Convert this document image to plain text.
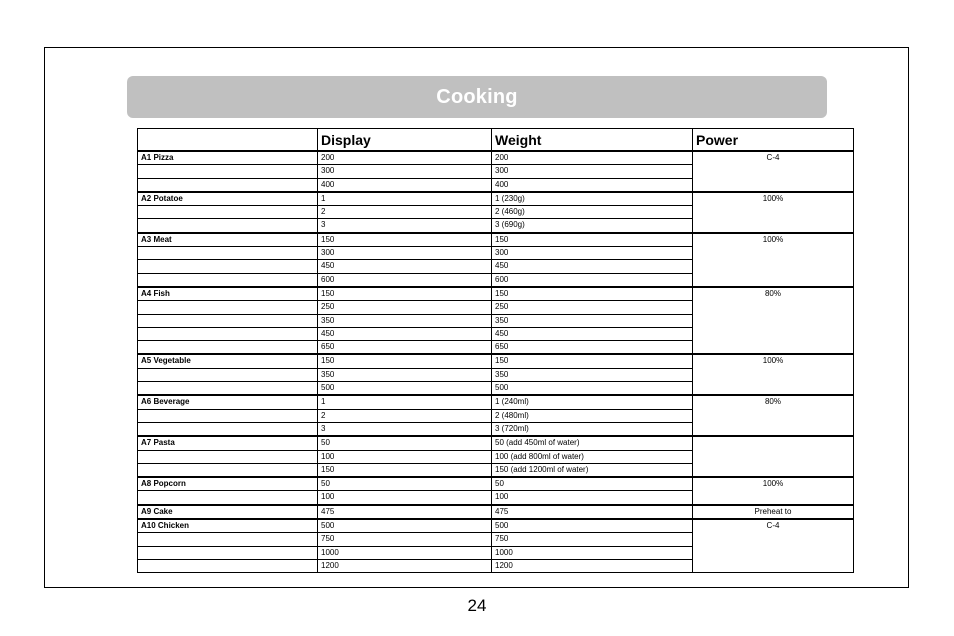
Cooking
	Display	Weight	Power
A1 Pizza	200	200	C-4
	300	300	
	400	400	
A2 Potatoe	1	1 (230g)	100%
	2	2 (460g)	
	3	3 (690g)	
A3 Meat	150	150	100%
	300	300	
	450	450	
	600	600	
A4 Fish	150	150	80%
	250	250	
	350	350	
	450	450	
	650	650	
A5 Vegetable	150	150	100%
	350	350	
	500	500	
A6 Beverage	1	1 (240ml)	80%
	2	2 (480ml)	
	3	3 (720ml)	
A7 Pasta	50	50 (add 450ml of water)	
	100	100 (add 800ml of water)	
	150	150 (add 1200ml of water)	
A8 Popcorn	50	50	100%
	100	100	
A9 Cake	475	475	Preheat to
A10 Chicken	500	500	C-4
	750	750	
	1000	1000	
	1200	1200	
24
